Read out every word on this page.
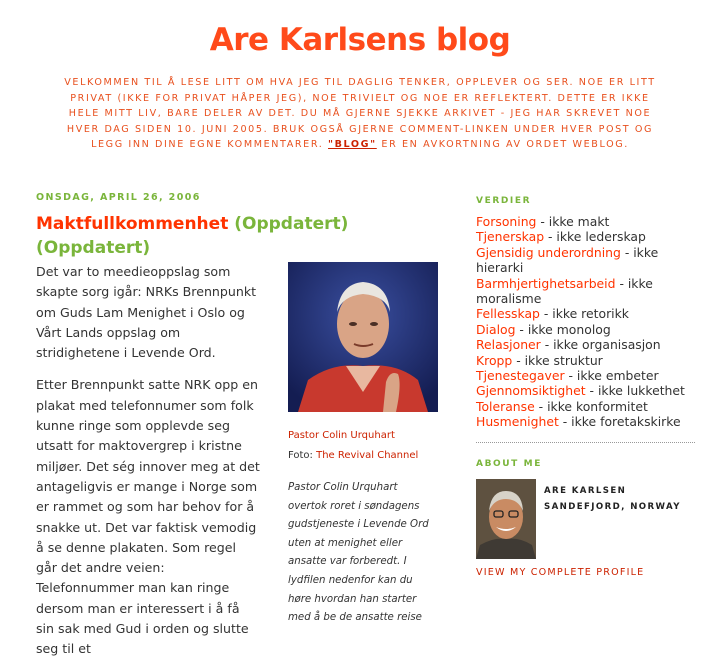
Are Karlsens blog
VELKOMMEN TIL Å LESE LITT OM HVA JEG TIL DAGLIG TENKER, OPPLEVER OG SER. NOE ER LITT PRIVAT (IKKE FOR PRIVAT HÅPER JEG), NOE TRIVIELT OG NOE ER REFLEKTERT. DETTE ER IKKE HELE MITT LIV, BARE DELER AV DET. DU MÅ GJERNE SJEKKE ARKIVET - JEG HAR SKREVET NOE HVER DAG SIDEN 10. JUNI 2005. BRUK OGSÅ GJERNE COMMENT-LINKEN UNDER HVER POST OG LEGG INN DINE EGNE KOMMENTARER. "BLOG" ER EN AVKORTNING AV ORDET WEBLOG.
ONSDAG, APRIL 26, 2006
Maktfullkommenhet (Oppdatert) (Oppdatert)

Det var to meedieoppslag som skapte sorg igår: NRKs Brennpunkt om Guds Lam Menighet i Oslo og Vårt Lands oppslag om stridighetene i Levende Ord.

Etter Brennpunkt satte NRK opp en plakat med telefonnumer som folk kunne ringe som opplevde seg utsatt for maktovergrep i kristne miljøer. Det ség innover meg at det antageligvis er mange i Norge som er rammet og som har behov for å snakke ut. Det var faktisk vemodig å se denne plakaten. Som regel går det andre veien: Telefonnummer man kan ringe dersom man er interessert i å få sin sak med Gud i orden og slutte seg til et

Pastor Colin Urquhart
Foto: The Revival Channel
Pastor Colin Urquhart overtok roret i søndagens gudstjeneste i Levende Ord uten at menighet eller ansatte var forberedt. I lydfilen nedenfor kan du høre hvordan han starter med å be de ansatte reise
VERDIER
Forsoning - ikke makt
Tjenerskap - ikke lederskap
Gjensidig underordning - ikke hierarki
Barmhjertighetsarbeid - ikke moralisme
Fellesskap - ikke retorikk
Dialog - ikke monolog
Relasjoner - ikke organisasjon
Kropp - ikke struktur
Tjenestegaver - ikke embeter
Gjennomsiktighet - ikke lukkethet
Toleranse - ikke konformitet
Husmenighet - ikke foretakskirke
ABOUT ME
ARE KARLSEN
SANDEFJORD, NORWAY
VIEW MY COMPLETE PROFILE
